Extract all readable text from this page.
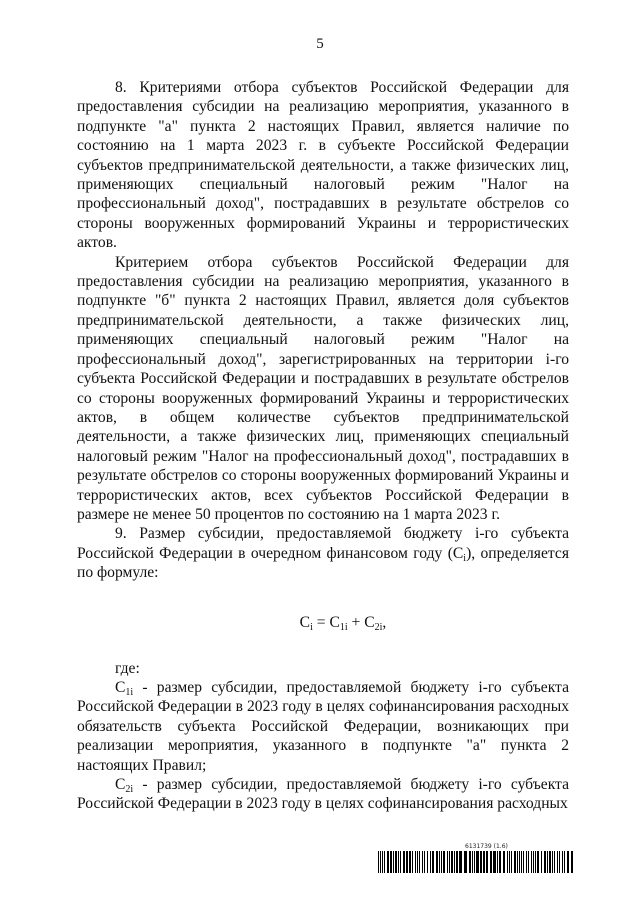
5

8. Критериями отбора субъектов Российской Федерации для предоставления субсидии на реализацию мероприятия, указанного в подпункте "а" пункта 2 настоящих Правил, является наличие по состоянию на 1 марта 2023 г. в субъекте Российской Федерации субъектов предпринимательской деятельности, а также физических лиц, применяющих специальный налоговый режим "Налог на профессиональный доход", пострадавших в результате обстрелов со стороны вооруженных формирований Украины и террористических актов.

Критерием отбора субъектов Российской Федерации для предоставления субсидии на реализацию мероприятия, указанного в подпункте "б" пункта 2 настоящих Правил, является доля субъектов предпринимательской деятельности, а также физических лиц, применяющих специальный налоговый режим "Налог на профессиональный доход", зарегистрированных на территории i-го субъекта Российской Федерации и пострадавших в результате обстрелов со стороны вооруженных формирований Украины и террористических актов, в общем количестве субъектов предпринимательской деятельности, а также физических лиц, применяющих специальный налоговый режим "Налог на профессиональный доход", пострадавших в результате обстрелов со стороны вооруженных формирований Украины и террористических актов, всех субъектов Российской Федерации в размере не менее 50 процентов по состоянию на 1 марта 2023 г.

9. Размер субсидии, предоставляемой бюджету i-го субъекта Российской Федерации в очередном финансовом году $(C_i)$, определяется по формуле:

$C_i = C_{1i} + C_{2i}$,

где:

$C_{1i}$ - размер субсидии, предоставляемой бюджету i-го субъекта Российской Федерации в 2023 году в целях софинансирования расходных обязательств субъекта Российской Федерации, возникающих при реализации мероприятия, указанного в подпункте "а" пункта 2 настоящих Правил;

$C_{2i}$ - размер субсидии, предоставляемой бюджету i-го субъекта Российской Федерации в 2023 году в целях софинансирования расходных

6131739 (1.6)
